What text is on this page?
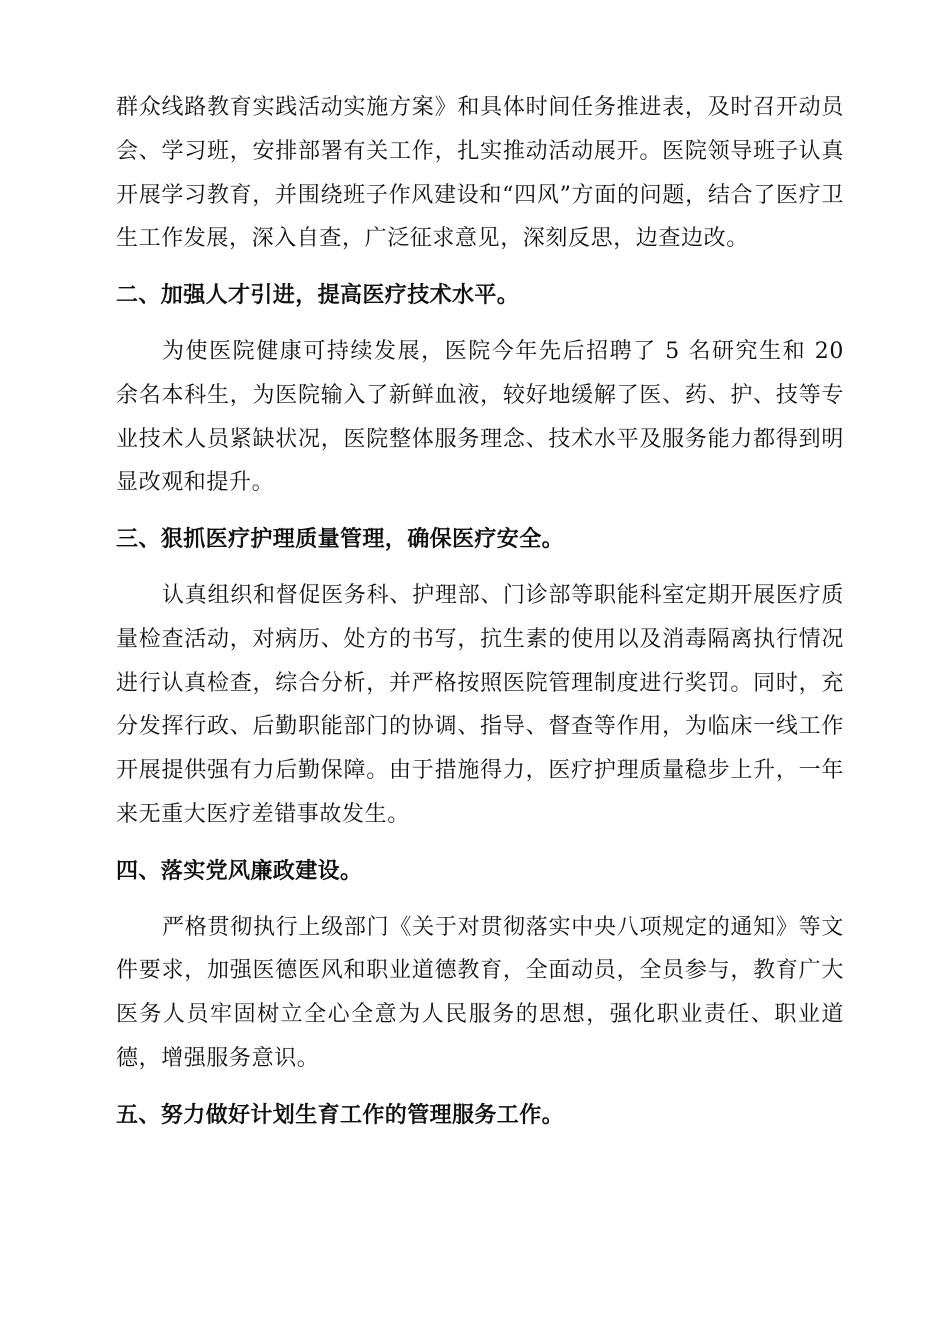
群众线路教育实践活动实施方案》和具体时间任务推进表，及时召开动员会、学习班，安排部署有关工作，扎实推动活动展开。医院领导班子认真开展学习教育，并围绕班子作风建设和“四风”方面的问题，结合了医疗卫生工作发展，深入自查，广泛征求意见，深刻反思，边查边改。

二、加强人才引进，提高医疗技术水平。

为使医院健康可持续发展，医院今年先后招聘了 5 名研究生和 20 余名本科生，为医院输入了新鲜血液，较好地缓解了医、药、护、技等专业技术人员紧缺状况，医院整体服务理念、技术水平及服务能力都得到明显改观和提升。

三、狠抓医疗护理质量管理，确保医疗安全。

认真组织和督促医务科、护理部、门诊部等职能科室定期开展医疗质量检查活动，对病历、处方的书写，抗生素的使用以及消毒隔离执行情况进行认真检查，综合分析，并严格按照医院管理制度进行奖罚。同时，充分发挥行政、后勤职能部门的协调、指导、督查等作用，为临床一线工作开展提供强有力后勤保障。由于措施得力，医疗护理质量稳步上升，一年来无重大医疗差错事故发生。

四、落实党风廉政建设。

严格贯彻执行上级部门《关于对贯彻落实中央八项规定的通知》等文件要求，加强医德医风和职业道德教育，全面动员，全员参与，教育广大医务人员牢固树立全心全意为人民服务的思想，强化职业责任、职业道德，增强服务意识。

五、努力做好计划生育工作的管理服务工作。
